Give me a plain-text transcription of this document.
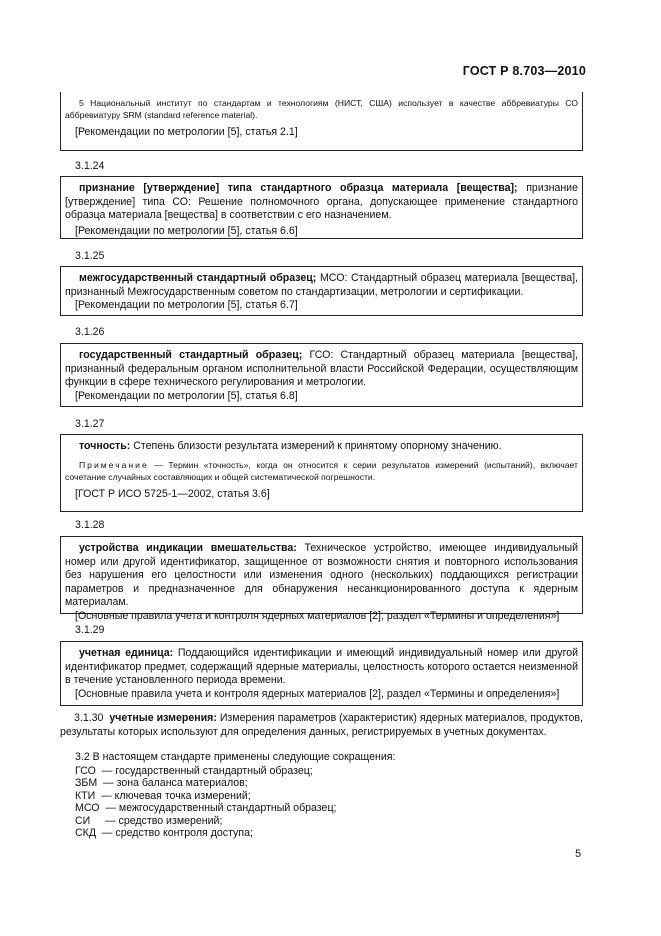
ГОСТ Р 8.703—2010
5 Национальный институт по стандартам и технологиям (НИСТ, США) использует в качестве аббревиатуры СО аббревиатуру SRM (standard reference material).
[Рекомендации по метрологии [5], статья 2.1]
3.1.24
признание [утверждение] типа стандартного образца материала [вещества]; признание [утверждение] типа СО: Решение полномочного органа, допускающее применение стандартного образца материала [вещества] в соответствии с его назначением.
[Рекомендации по метрологии [5], статья 6.6]
3.1.25
межгосударственный стандартный образец; МСО: Стандартный образец материала [вещества], признанный Межгосударственным советом по стандартизации, метрологии и сертификации.
[Рекомендации по метрологии [5], статья 6.7]
3.1.26
государственный стандартный образец; ГСО: Стандартный образец материала [вещества], признанный федеральным органом исполнительной власти Российской Федерации, осуществляющим функции в сфере технического регулирования и метрологии.
[Рекомендации по метрологии [5], статья 6.8]
3.1.27
точность: Степень близости результата измерений к принятому опорному значению.
Примечание — Термин «точность», когда он относится к серии результатов измерений (испытаний), включает сочетание случайных составляющих и общей систематической погрешности.
[ГОСТ Р ИСО 5725-1—2002, статья 3.6]
3.1.28
устройства индикации вмешательства: Техническое устройство, имеющее индивидуальный номер или другой идентификатор, защищенное от возможности снятия и повторного использования без нарушения его целостности или изменения одного (нескольких) поддающихся регистрации параметров и предназначенное для обнаружения несанкционированного доступа к ядерным материалам.
[Основные правила учета и контроля ядерных материалов [2], раздел «Термины и определения»]
3.1.29
учетная единица: Поддающийся идентификации и имеющий индивидуальный номер или другой идентификатор предмет, содержащий ядерные материалы, целостность которого остается неизменной в течение установленного периода времени.
[Основные правила учета и контроля ядерных материалов [2], раздел «Термины и определения»]
3.1.30 учетные измерения: Измерения параметров (характеристик) ядерных материалов, продуктов, результаты которых используют для определения данных, регистрируемых в учетных документах.
3.2 В настоящем стандарте применены следующие сокращения:
ГСО  — государственный стандартный образец;
ЗБМ  — зона баланса материалов;
КТИ  — ключевая точка измерений;
МСО  — межгосударственный стандартный образец;
СИ     — средство измерений;
СКД  — средство контроля доступа;
5
